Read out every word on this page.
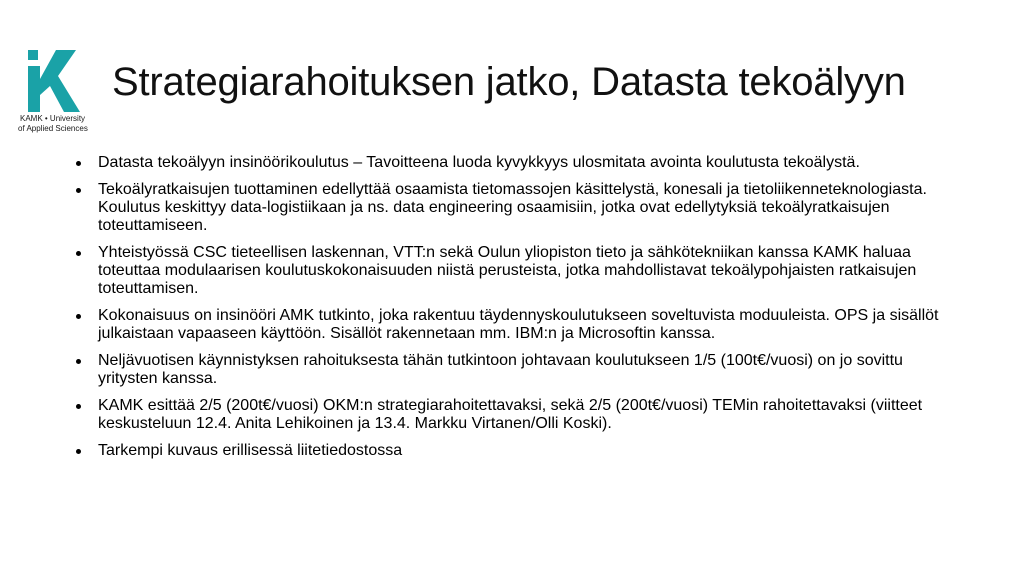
KAMK • University
of Applied Sciences
Strategiarahoituksen jatko, Datasta tekoälyyn
Datasta tekoälyyn insinöörikoulutus – Tavoitteena luoda kyvykkyys ulosmitata avointa koulutusta tekoälystä.
Tekoälyratkaisujen tuottaminen edellyttää osaamista tietomassojen käsittelystä, konesali ja tietoliikenneteknologiasta. Koulutus keskittyy data-logistiikaan ja ns. data engineering osaamisiin, jotka ovat edellytyksiä tekoälyratkaisujen toteuttamiseen.
Yhteistyössä CSC tieteellisen laskennan, VTT:n sekä Oulun yliopiston tieto ja sähkötekniikan kanssa KAMK haluaa toteuttaa modulaarisen koulutuskokonaisuuden niistä perusteista, jotka mahdollistavat tekoälypohjaisten ratkaisujen toteuttamisen.
Kokonaisuus on insinööri AMK tutkinto, joka rakentuu täydennyskoulutukseen soveltuvista moduuleista. OPS ja sisällöt julkaistaan vapaaseen käyttöön. Sisällöt rakennetaan mm. IBM:n ja Microsoftin kanssa.
Neljävuotisen käynnistyksen rahoituksesta tähän tutkintoon johtavaan koulutukseen 1/5 (100t€/vuosi) on jo sovittu yritysten kanssa.
KAMK esittää 2/5 (200t€/vuosi) OKM:n strategiarahoitettavaksi, sekä 2/5 (200t€/vuosi) TEMin rahoitettavaksi (viitteet keskusteluun 12.4. Anita Lehikoinen ja 13.4. Markku Virtanen/Olli Koski).
Tarkempi kuvaus erillisessä liitetiedostossa
